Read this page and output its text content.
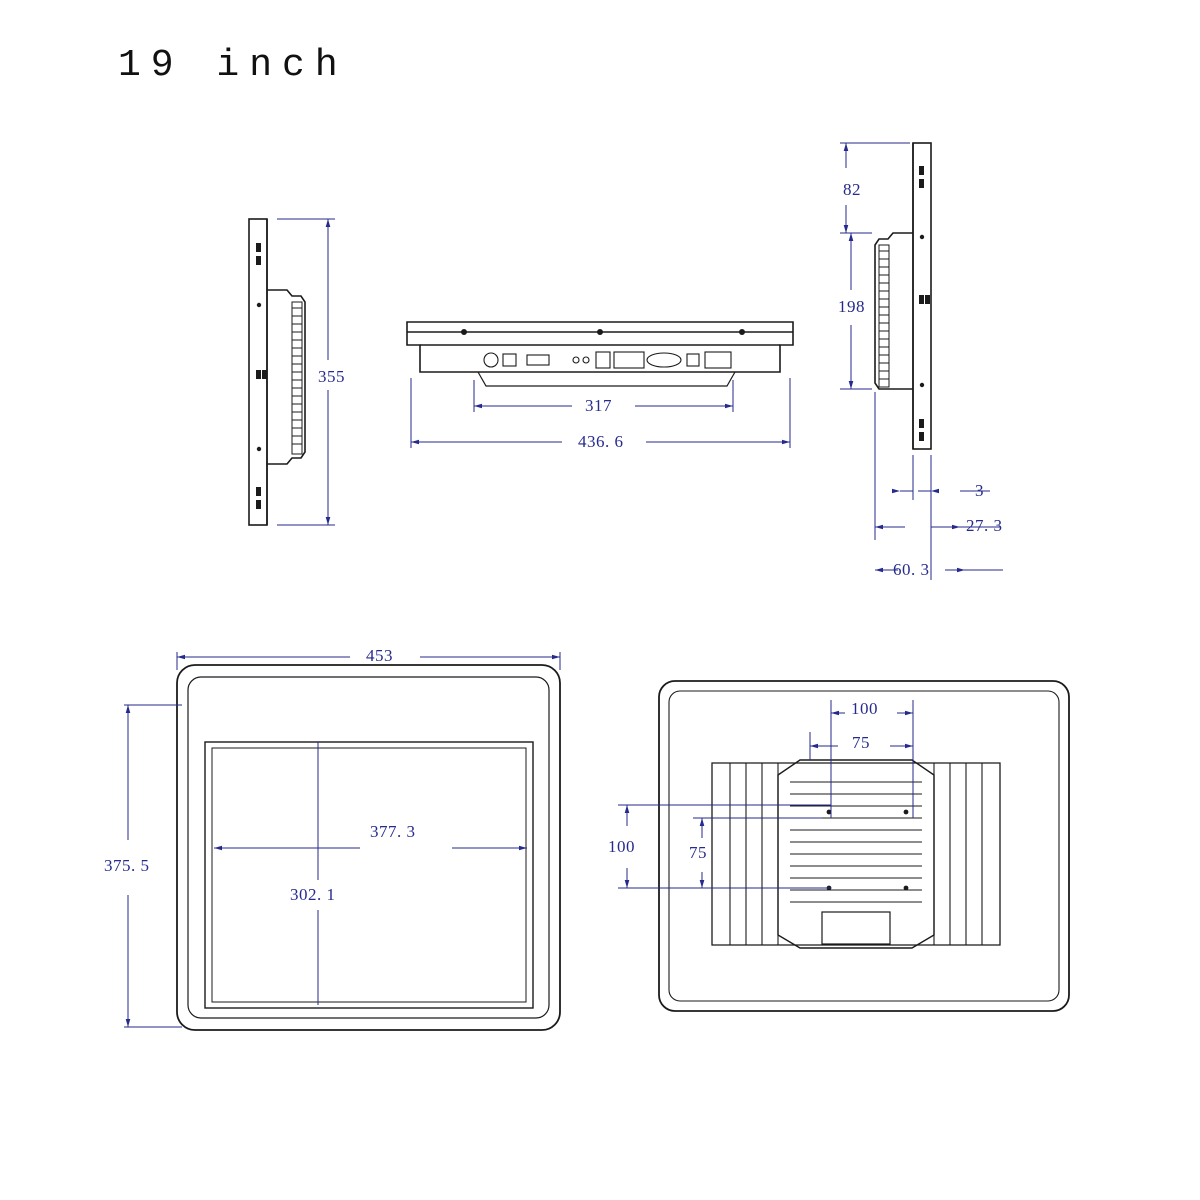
19 inch
355
317
436. 6
82
198
3
27. 3
60. 3
453
375. 5
377. 3
302. 1
100
75
100	75
